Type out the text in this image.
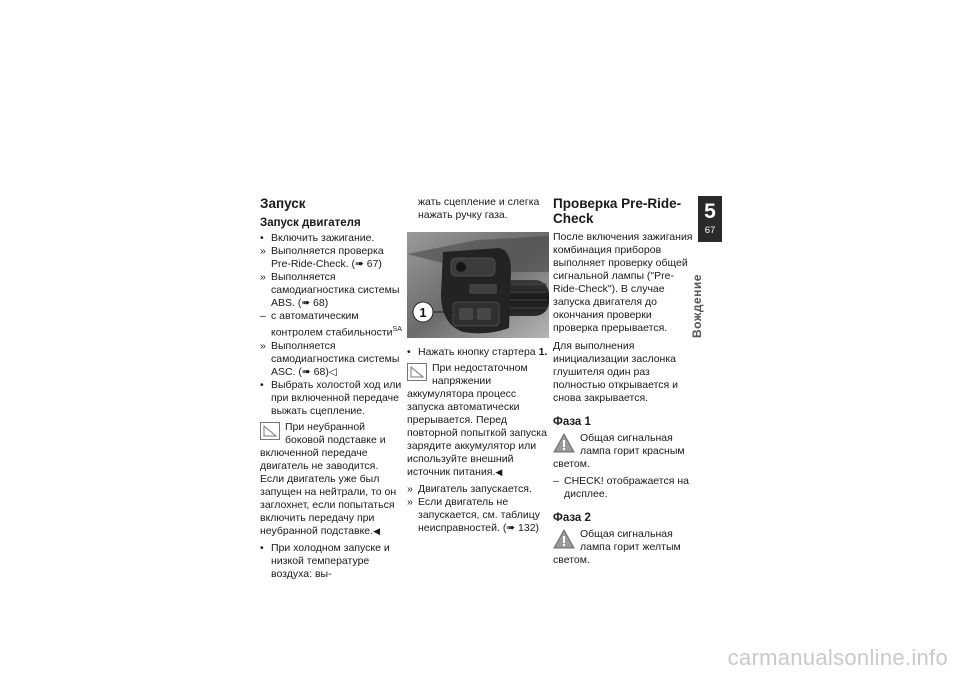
Запуск
Запуск двигателя

• Включить зажигание.

» Выполняется проверка Pre-Ride-Check. (➠ 67)

» Выполняется самодиагностика системы ABS. (➠ 68)

– с автоматическим контролем стабильности$^{SA}$

» Выполняется самодиагностика системы ASC. (➠ 68)◁

• Выбрать холостой ход или при включенной передаче выжать сцепление.

При неубранной боковой подставке и включенной передаче двигатель не заводится. Если двигатель уже был запущен на нейтрали, то он заглохнет, если попытаться включить передачу при неубранной подставке.◀

• При холодном запуске и низкой температуре воздуха: вы-

жать сцепление и слегка нажать ручку газа.

1

• Нажать кнопку стартера 1.

При недостаточном напряжении аккумулятора процесс запуска автоматически прерывается. Перед повторной попыткой запуска зарядите аккумулятор или используйте внешний источник питания.◀

» Двигатель запускается.

» Если двигатель не запускается, см. таблицу неисправностей. (➠ 132)

Проверка Pre-Ride-Check

После включения зажигания комбинация приборов выполняет проверку общей сигнальной лампы ("Pre-Ride-Check"). В случае запуска двигателя до окончания проверки проверка прерывается.

Для выполнения инициализации заслонка глушителя один раз полностью открывается и снова закрывается.

Фаза 1
Общая сигнальная лампа горит красным светом.

– CHECK! отображается на дисплее.

Фаза 2
Общая сигнальная лампа горит желтым светом.
5
67
Вождение
carmanualsonline.info
